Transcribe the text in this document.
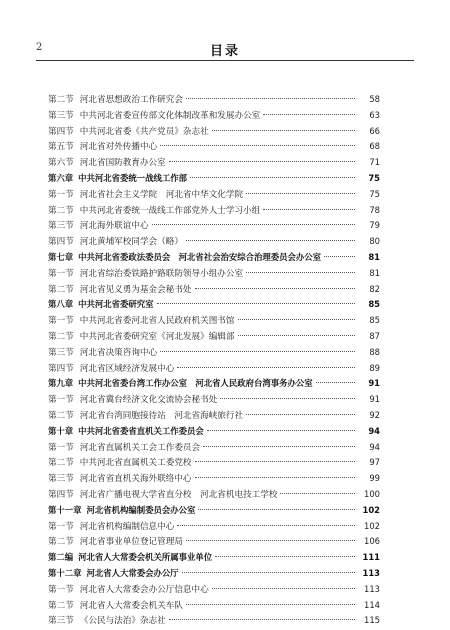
2	目录
第二节 河北省思想政治工作研究会	58
第三节 中共河北省委宣传部文化体制改革和发展办公室	63
第四节 中共河北省委《共产党员》杂志社	66
第五节 河北省对外传播中心	68
第六节 河北省国防教育办公室	71
第六章 中共河北省委统一战线工作部	75
第一节 河北省社会主义学院　河北省中华文化学院	75
第二节 中共河北省委统一战线工作部党外人士学习小组	78
第三节 河北海外联谊中心	79
第四节 河北黄埔军校同学会（略）	80
第七章 中共河北省委政法委员会　河北省社会治安综合治理委员会办公室	81
第一节 河北省综治委铁路护路联防领导小组办公室	81
第二节 河北省见义勇为基金会秘书处	82
第八章 中共河北省委研究室	85
第一节 中共河北省委河北省人民政府机关图书馆	85
第二节 中共河北省委研究室《河北发展》编辑部	87
第三节 河北省决策咨询中心	88
第四节 河北省区域经济发展中心	89
第九章 中共河北省委台湾工作办公室　河北省人民政府台湾事务办公室	91
第一节 河北省冀台经济文化交流协会秘书处	91
第二节 河北省台湾同胞接待站　河北省海峡旅行社	92
第十章 中共河北省委省直机关工作委员会	94
第一节 河北省直属机关工会工作委员会	94
第二节 中共河北省直属机关工委党校	97
第三节 河北省省直机关海外联络中心	99
第四节 河北省广播电视大学省直分校　河北省机电技工学校	100
第十一章 河北省机构编制委员会办公室	102
第一节 河北省机构编制信息中心	102
第二节 河北省事业单位登记管理局	106
第二编 河北省人大常委会机关所属事业单位	111
第十二章 河北省人大常委会办公厅	113
第一节 河北省人大常委会办公厅信息中心	113
第二节 河北省人大常委会机关车队	114
第三节 《公民与法治》杂志社	115
